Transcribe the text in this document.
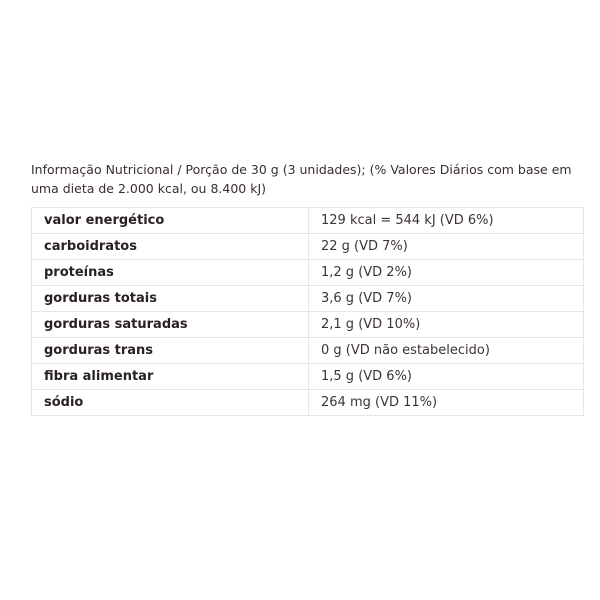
Informação Nutricional / Porção de 30 g (3 unidades); (% Valores Diários com base em uma dieta de 2.000 kcal, ou 8.400 kJ)

valor energético	129 kcal = 544 kJ (VD 6%)
carboidratos	22 g (VD 7%)
proteínas	1,2 g (VD 2%)
gorduras totais	3,6 g (VD 7%)
gorduras saturadas	2,1 g (VD 10%)
gorduras trans	0 g (VD não estabelecido)
fibra alimentar	1,5 g (VD 6%)
sódio	264 mg (VD 11%)
